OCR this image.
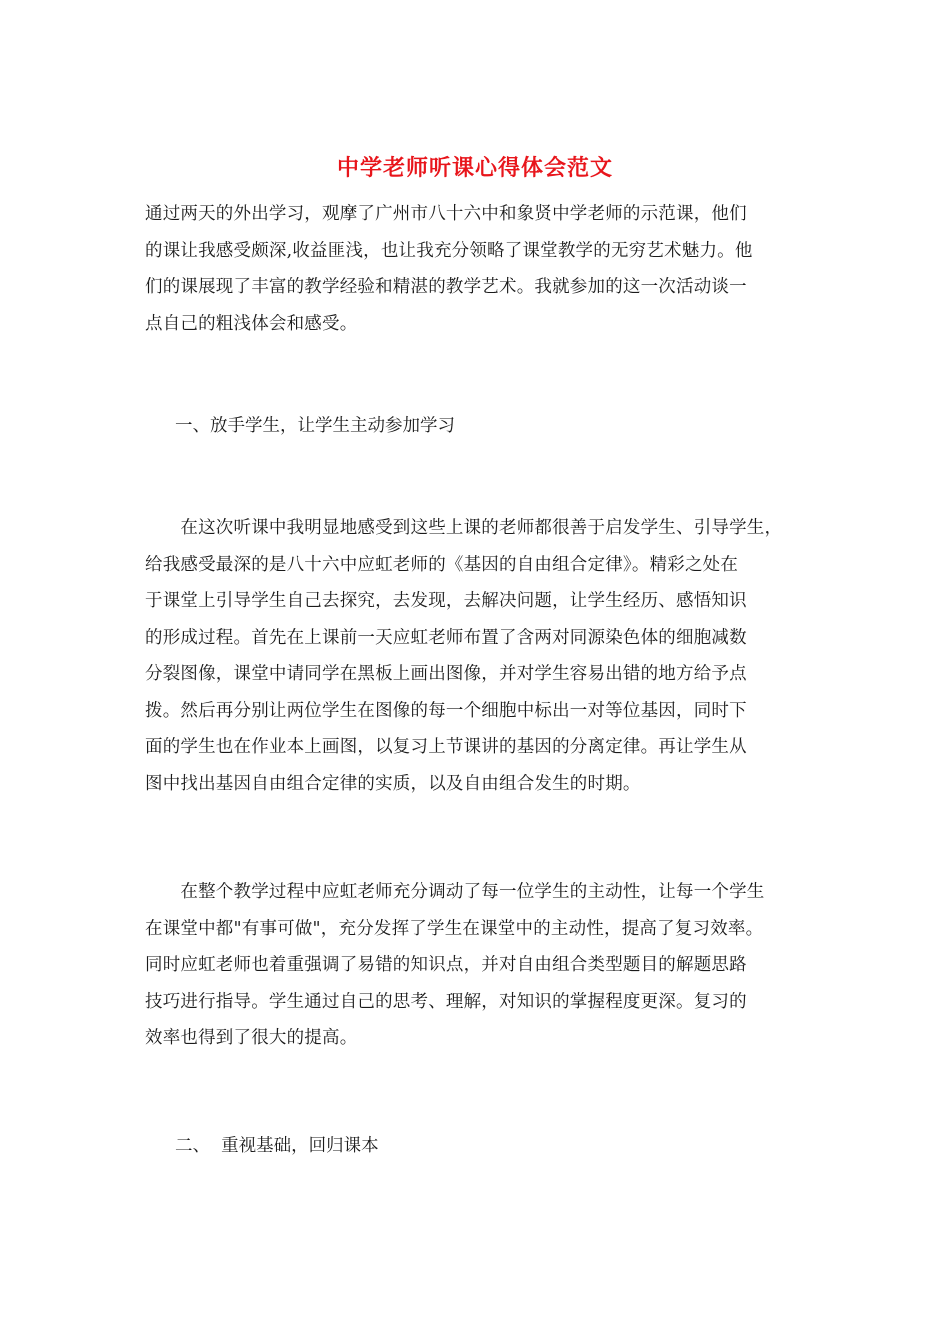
中学老师听课心得体会范文
通过两天的外出学习，观摩了广州市八十六中和象贤中学老师的示范课，他们
的课让我感受颇深,收益匪浅，也让我充分领略了课堂教学的无穷艺术魅力。他
们的课展现了丰富的教学经验和精湛的教学艺术。我就参加的这一次活动谈一
点自己的粗浅体会和感受。
一、放手学生，让学生主动参加学习
　　在这次听课中我明显地感受到这些上课的老师都很善于启发学生、引导学生，
给我感受最深的是八十六中应虹老师的《基因的自由组合定律》。精彩之处在
于课堂上引导学生自己去探究，去发现，去解决问题，让学生经历、感悟知识
的形成过程。首先在上课前一天应虹老师布置了含两对同源染色体的细胞减数
分裂图像，课堂中请同学在黑板上画出图像，并对学生容易出错的地方给予点
拨。然后再分别让两位学生在图像的每一个细胞中标出一对等位基因，同时下
面的学生也在作业本上画图，以复习上节课讲的基因的分离定律。再让学生从
图中找出基因自由组合定律的实质，以及自由组合发生的时期。
　　在整个教学过程中应虹老师充分调动了每一位学生的主动性，让每一个学生
在课堂中都"有事可做"，充分发挥了学生在课堂中的主动性，提高了复习效率。
同时应虹老师也着重强调了易错的知识点，并对自由组合类型题目的解题思路
技巧进行指导。学生通过自己的思考、理解，对知识的掌握程度更深。复习的
效率也得到了很大的提高。
二、  重视基础，回归课本
